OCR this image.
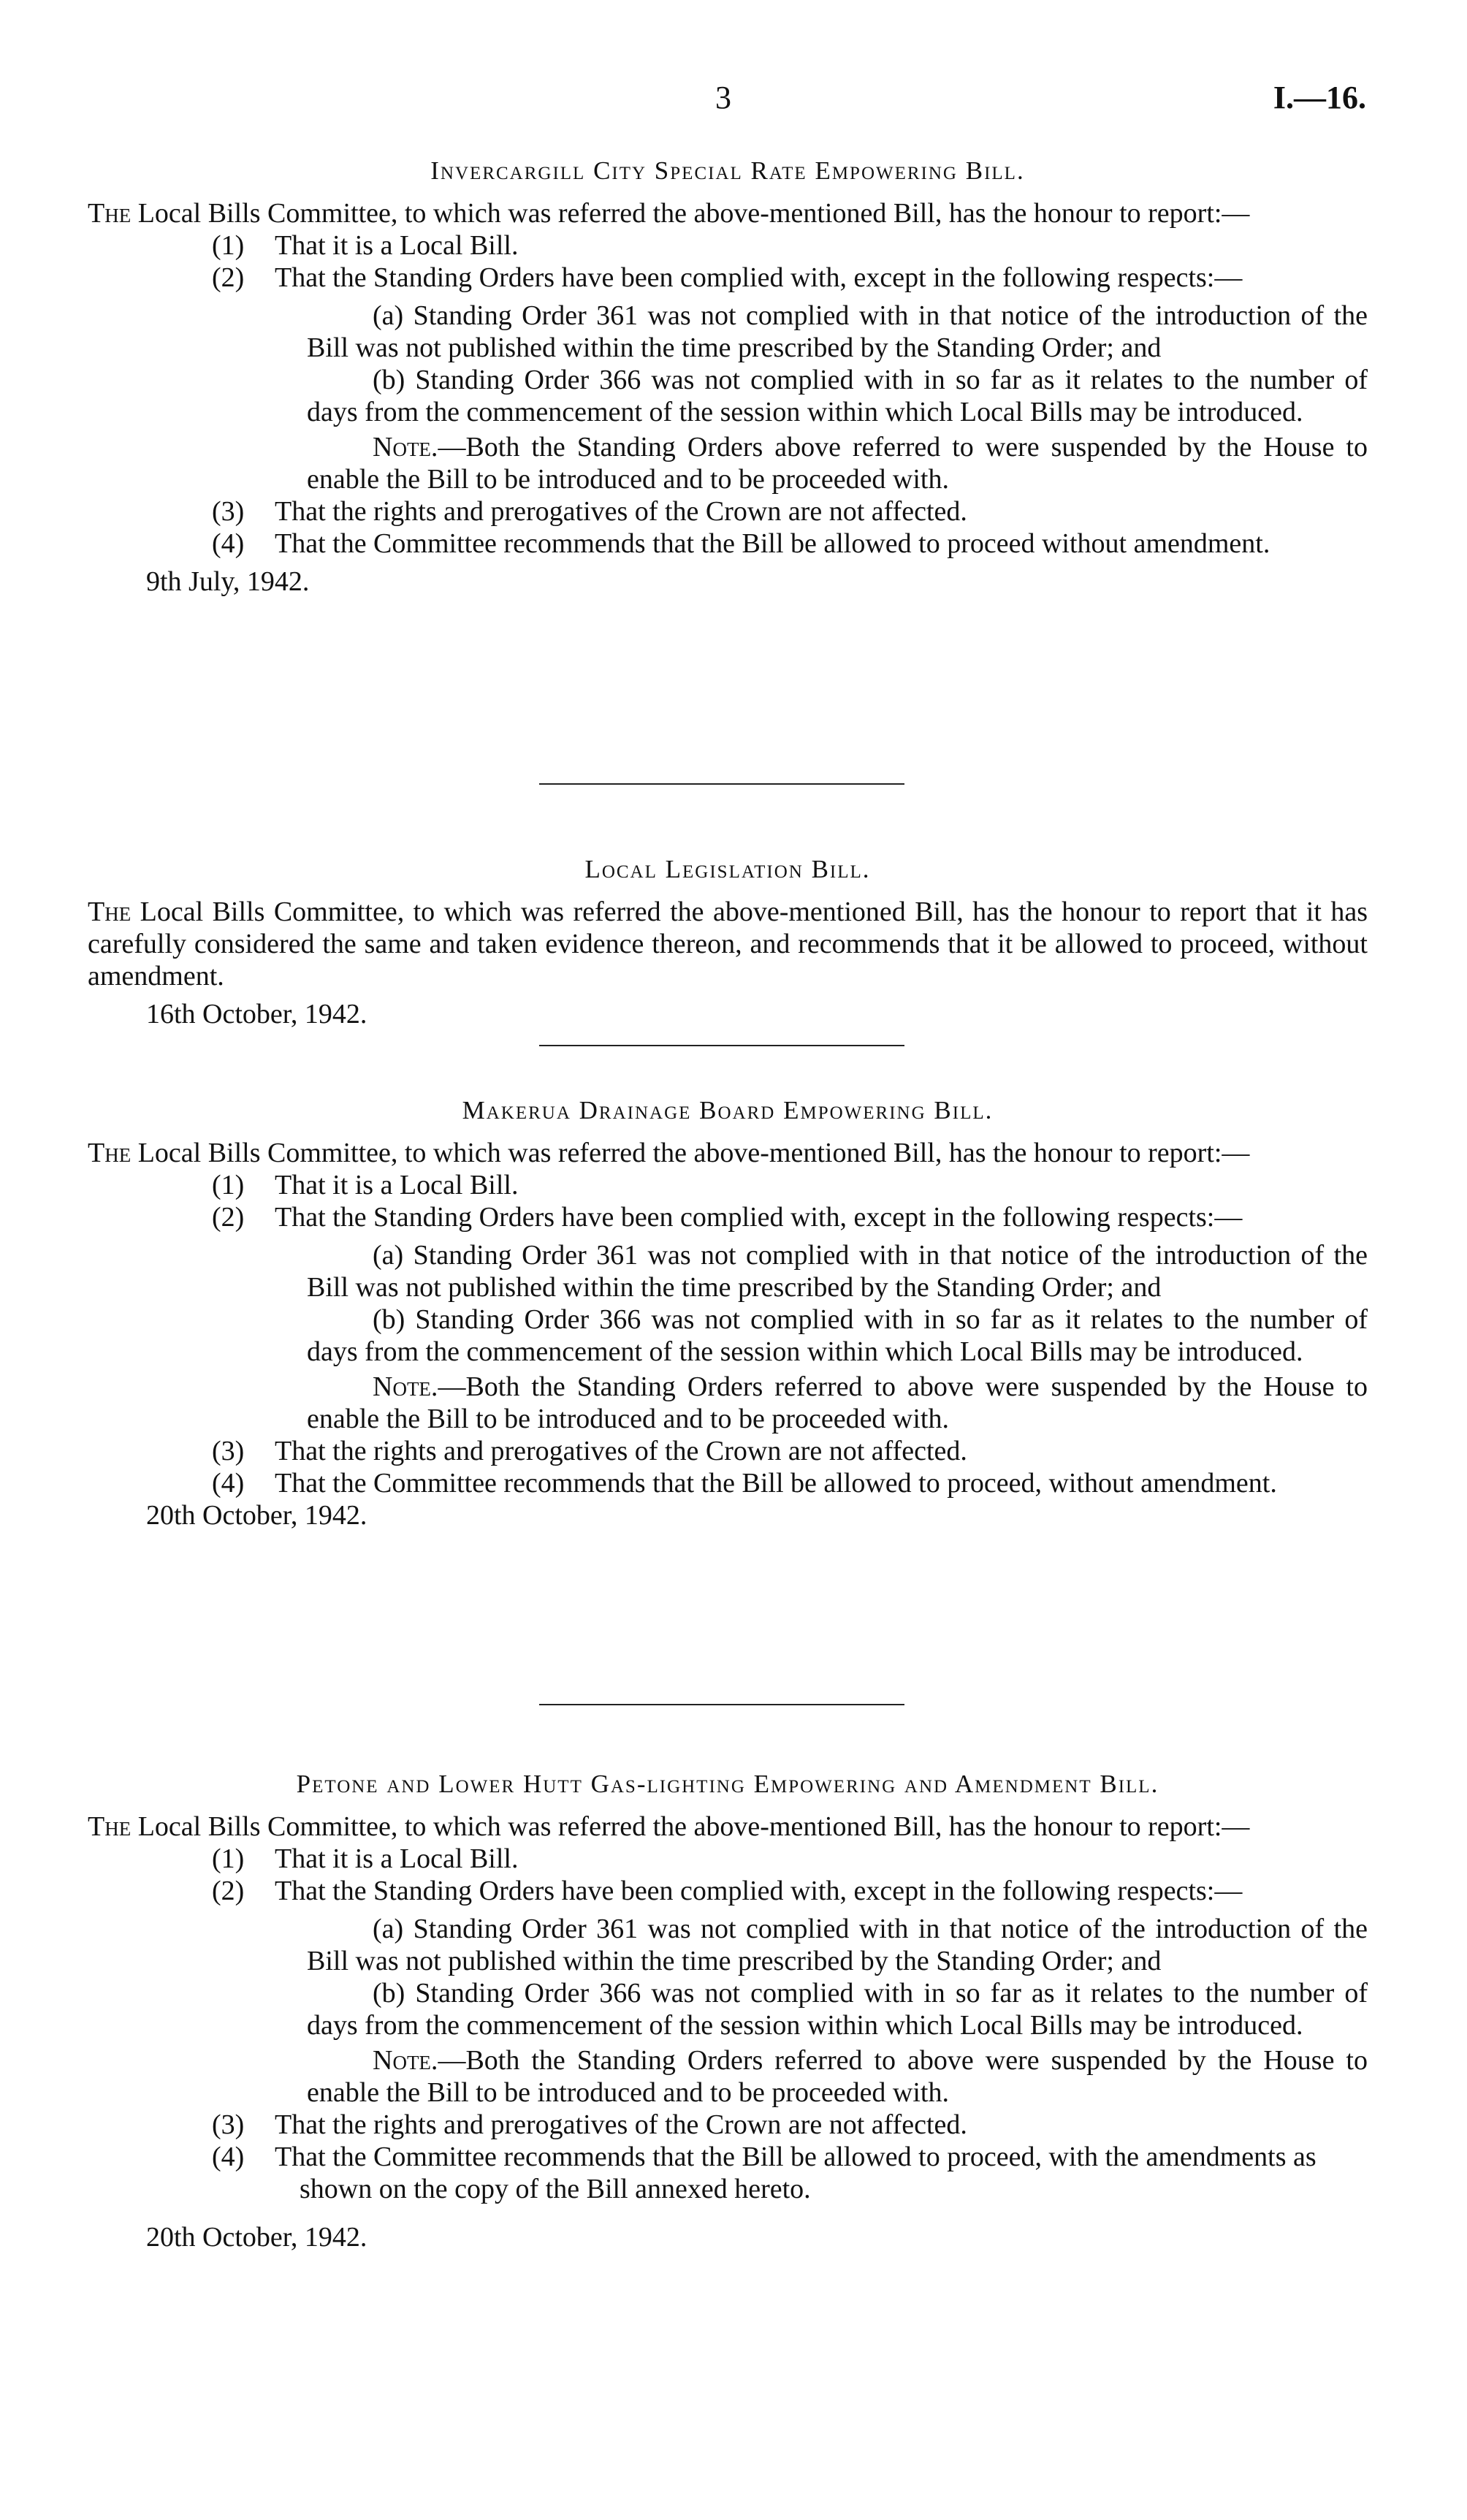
3	I.—16.
Invercargill City Special Rate Empowering Bill.

The Local Bills Committee, to which was referred the above-mentioned Bill, has the honour to report:—

(1) That it is a Local Bill.
(2) That the Standing Orders have been complied with, except in the following respects:—

(a) Standing Order 361 was not complied with in that notice of the introduction of the Bill was not published within the time prescribed by the Standing Order; and

(b) Standing Order 366 was not complied with in so far as it relates to the number of days from the commencement of the session within which Local Bills may be introduced.

Note.—Both the Standing Orders above referred to were suspended by the House to enable the Bill to be introduced and to be proceeded with.

(3) That the rights and prerogatives of the Crown are not affected.
(4) That the Committee recommends that the Bill be allowed to proceed without amendment.

9th July, 1942.

Local Legislation Bill.

The Local Bills Committee, to which was referred the above-mentioned Bill, has the honour to report that it has carefully considered the same and taken evidence thereon, and recommends that it be allowed to proceed, without amendment.

16th October, 1942.

Makerua Drainage Board Empowering Bill.

The Local Bills Committee, to which was referred the above-mentioned Bill, has the honour to report:—

(1) That it is a Local Bill.
(2) That the Standing Orders have been complied with, except in the following respects:—

(a) Standing Order 361 was not complied with in that notice of the introduction of the Bill was not published within the time prescribed by the Standing Order; and

(b) Standing Order 366 was not complied with in so far as it relates to the number of days from the commencement of the session within which Local Bills may be introduced.

Note.—Both the Standing Orders referred to above were suspended by the House to enable the Bill to be introduced and to be proceeded with.

(3) That the rights and prerogatives of the Crown are not affected.
(4) That the Committee recommends that the Bill be allowed to proceed, without amendment.

20th October, 1942.

Petone and Lower Hutt Gas-lighting Empowering and Amendment Bill.

The Local Bills Committee, to which was referred the above-mentioned Bill, has the honour to report:—

(1) That it is a Local Bill.
(2) That the Standing Orders have been complied with, except in the following respects:—

(a) Standing Order 361 was not complied with in that notice of the introduction of the Bill was not published within the time prescribed by the Standing Order; and

(b) Standing Order 366 was not complied with in so far as it relates to the number of days from the commencement of the session within which Local Bills may be introduced.

Note.—Both the Standing Orders referred to above were suspended by the House to enable the Bill to be introduced and to be proceeded with.

(3) That the rights and prerogatives of the Crown are not affected.
(4) That the Committee recommends that the Bill be allowed to proceed, with the amendments as shown on the copy of the Bill annexed hereto.

20th October, 1942.
